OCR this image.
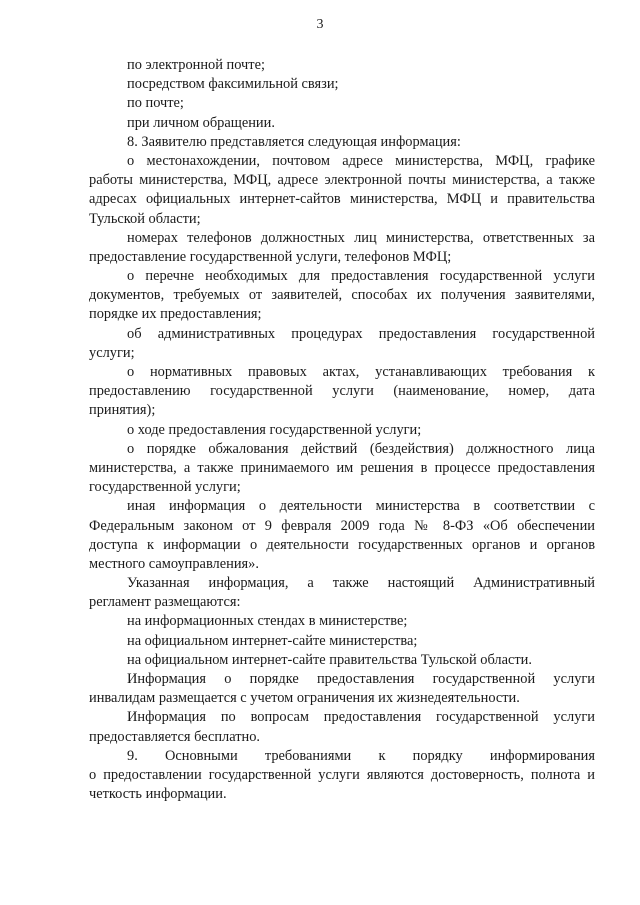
3
по электронной почте;
посредством факсимильной связи;
по почте;
при личном обращении.
8. Заявителю представляется следующая информация:
о местонахождении, почтовом адресе министерства, МФЦ, графике
работы министерства, МФЦ, адресе электронной почты министерства, а также
адресах официальных интернет-сайтов министерства, МФЦ и правительства
Тульской области;
номерах телефонов должностных лиц министерства, ответственных за
предоставление государственной услуги, телефонов МФЦ;
о перечне необходимых для предоставления государственной услуги
документов, требуемых от заявителей, способах их получения заявителями,
порядке их предоставления;
об административных процедурах предоставления государственной
услуги;
о нормативных правовых актах, устанавливающих требования к
предоставлению государственной услуги (наименование, номер, дата
принятия);
о ходе предоставления государственной услуги;
о порядке обжалования действий (бездействия) должностного лица
министерства, а также принимаемого им решения в процессе предоставления
государственной услуги;
иная информация о деятельности министерства в соответствии с
Федеральным законом от 9 февраля 2009 года № 8-ФЗ «Об обеспечении
доступа к информации о деятельности государственных органов и органов
местного самоуправления».
Указанная информация, а также настоящий Административный
регламент размещаются:
на информационных стендах в министерстве;
на официальном интернет-сайте министерства;
на официальном интернет-сайте правительства Тульской области.
Информация о порядке предоставления государственной услуги
инвалидам размещается с учетом ограничения их жизнедеятельности.
Информация по вопросам предоставления государственной услуги
предоставляется бесплатно.
9. Основными требованиями к порядку информирования
о предоставлении государственной услуги являются достоверность, полнота и
четкость информации.
